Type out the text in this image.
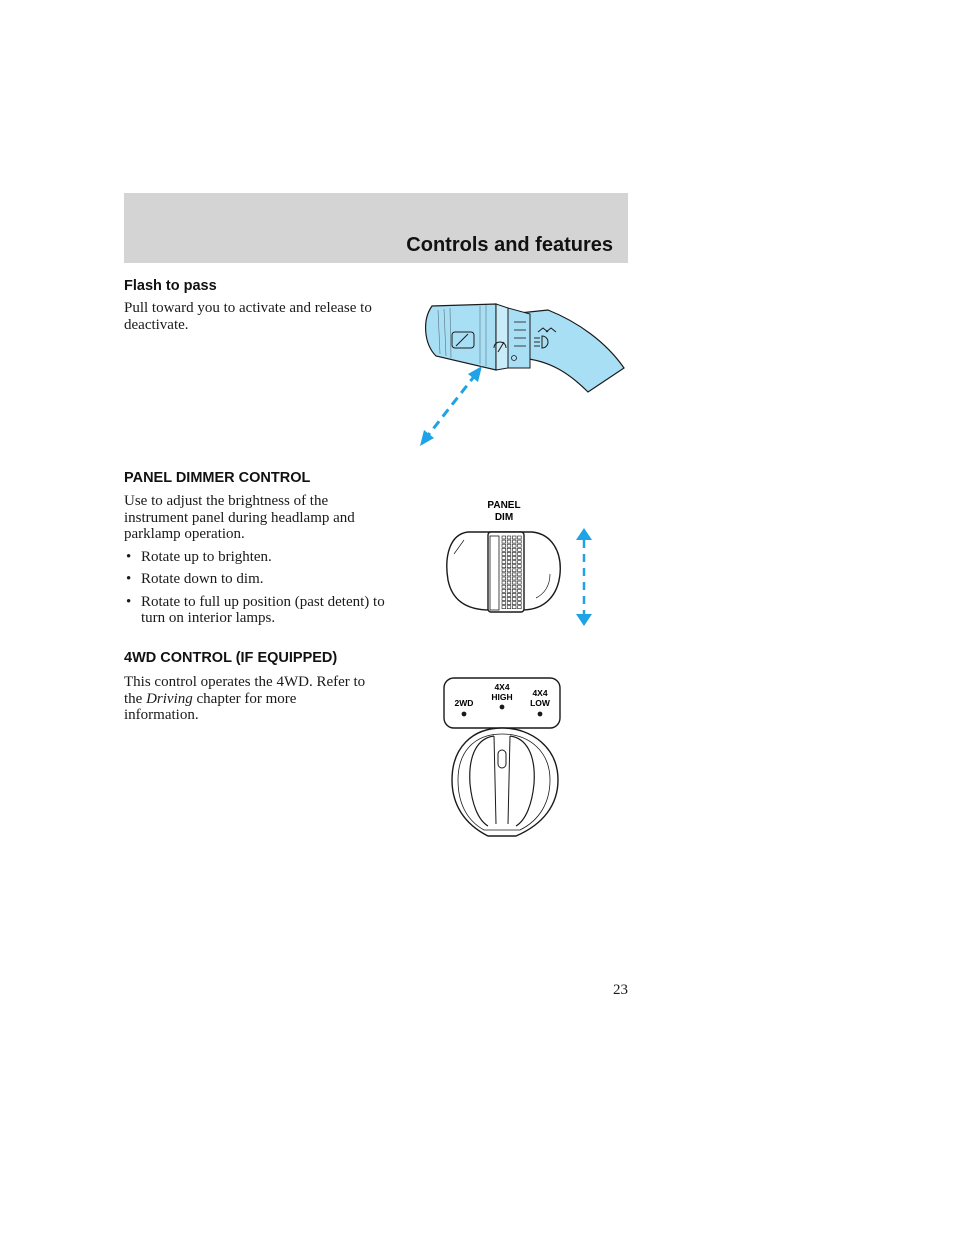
Controls and features
Flash to pass

Pull toward you to activate and release to deactivate.

PANEL DIMMER CONTROL

Use to adjust the brightness of the instrument panel during headlamp and parklamp operation.

• Rotate up to brighten.
• Rotate down to dim.
• Rotate to full up position (past detent) to turn on interior lamps.
PANEL
DIM
4WD CONTROL (IF EQUIPPED)

This control operates the 4WD. Refer to the Driving chapter for more information.

2WD
4X4
HIGH 4X4
LOW
23
